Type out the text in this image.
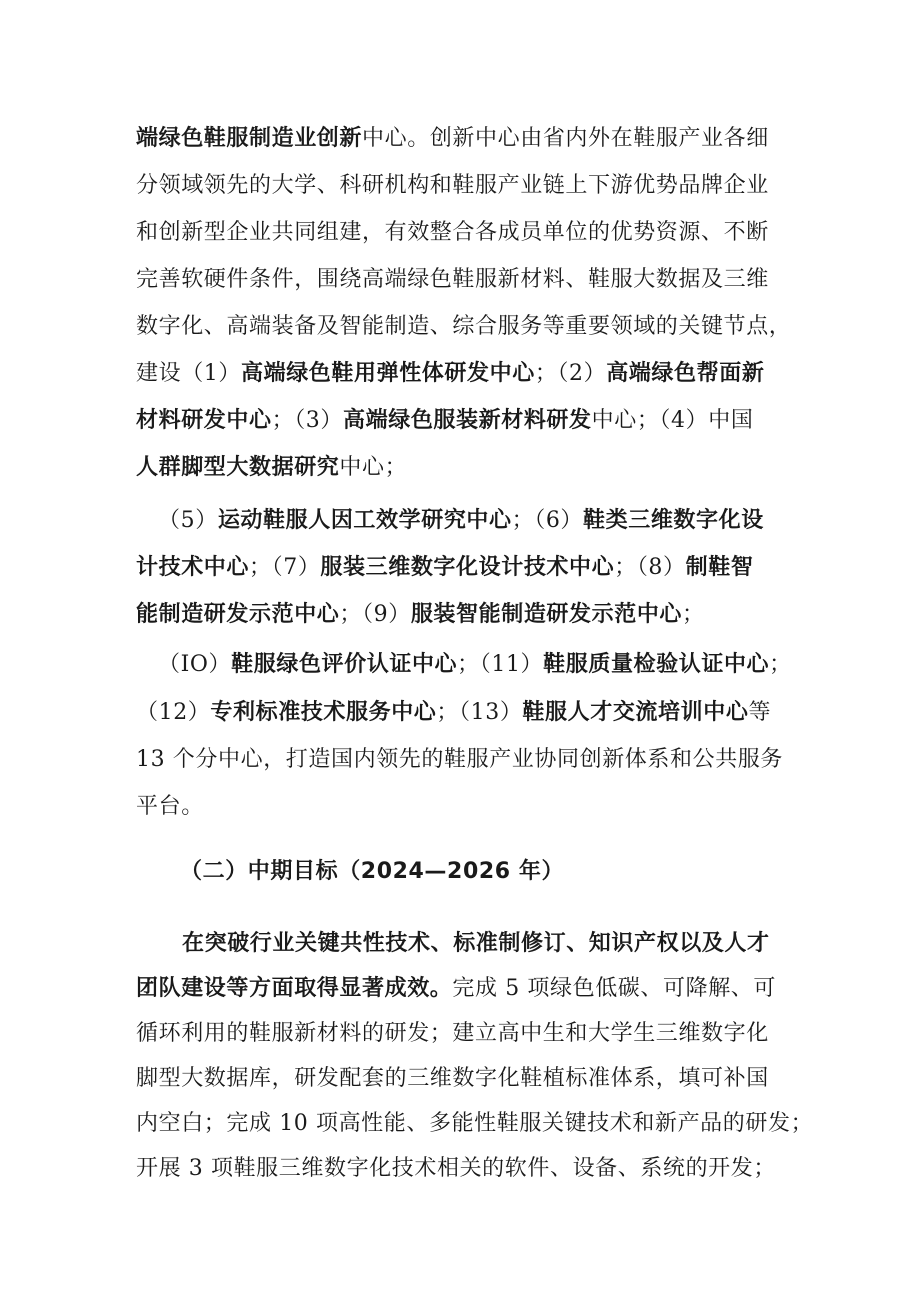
端绿色鞋服制造业创新中心。创新中心由省内外在鞋服产业各细
分领域领先的大学、科研机构和鞋服产业链上下游优势品牌企业
和创新型企业共同组建，有效整合各成员单位的优势资源、不断
完善软硬件条件，围绕高端绿色鞋服新材料、鞋服大数据及三维
数字化、高端装备及智能制造、综合服务等重要领域的关键节点，
建设（1）高端绿色鞋用弹性体研发中心；（2）高端绿色帮面新
材料研发中心；（3）高端绿色服装新材料研发中心；（4）中国
人群脚型大数据研究中心；
（5）运动鞋服人因工效学研究中心；（6）鞋类三维数字化设
计技术中心；（7）服装三维数字化设计技术中心；（8）制鞋智
能制造研发示范中心；（9）服装智能制造研发示范中心；
（IO）鞋服绿色评价认证中心；（11）鞋服质量检验认证中心；
（12）专利标准技术服务中心；（13）鞋服人才交流培训中心等
13 个分中心，打造国内领先的鞋服产业协同创新体系和公共服务
平台。
（二）中期目标（2024—2026 年）
在突破行业关键共性技术、标准制修订、知识产权以及人才
团队建设等方面取得显著成效。完成 5 项绿色低碳、可降解、可
循环利用的鞋服新材料的研发；建立高中生和大学生三维数字化
脚型大数据库，研发配套的三维数字化鞋植标准体系，填可补国
内空白；完成 10 项高性能、多能性鞋服关键技术和新产品的研发；
开展 3 项鞋服三维数字化技术相关的软件、设备、系统的开发；
